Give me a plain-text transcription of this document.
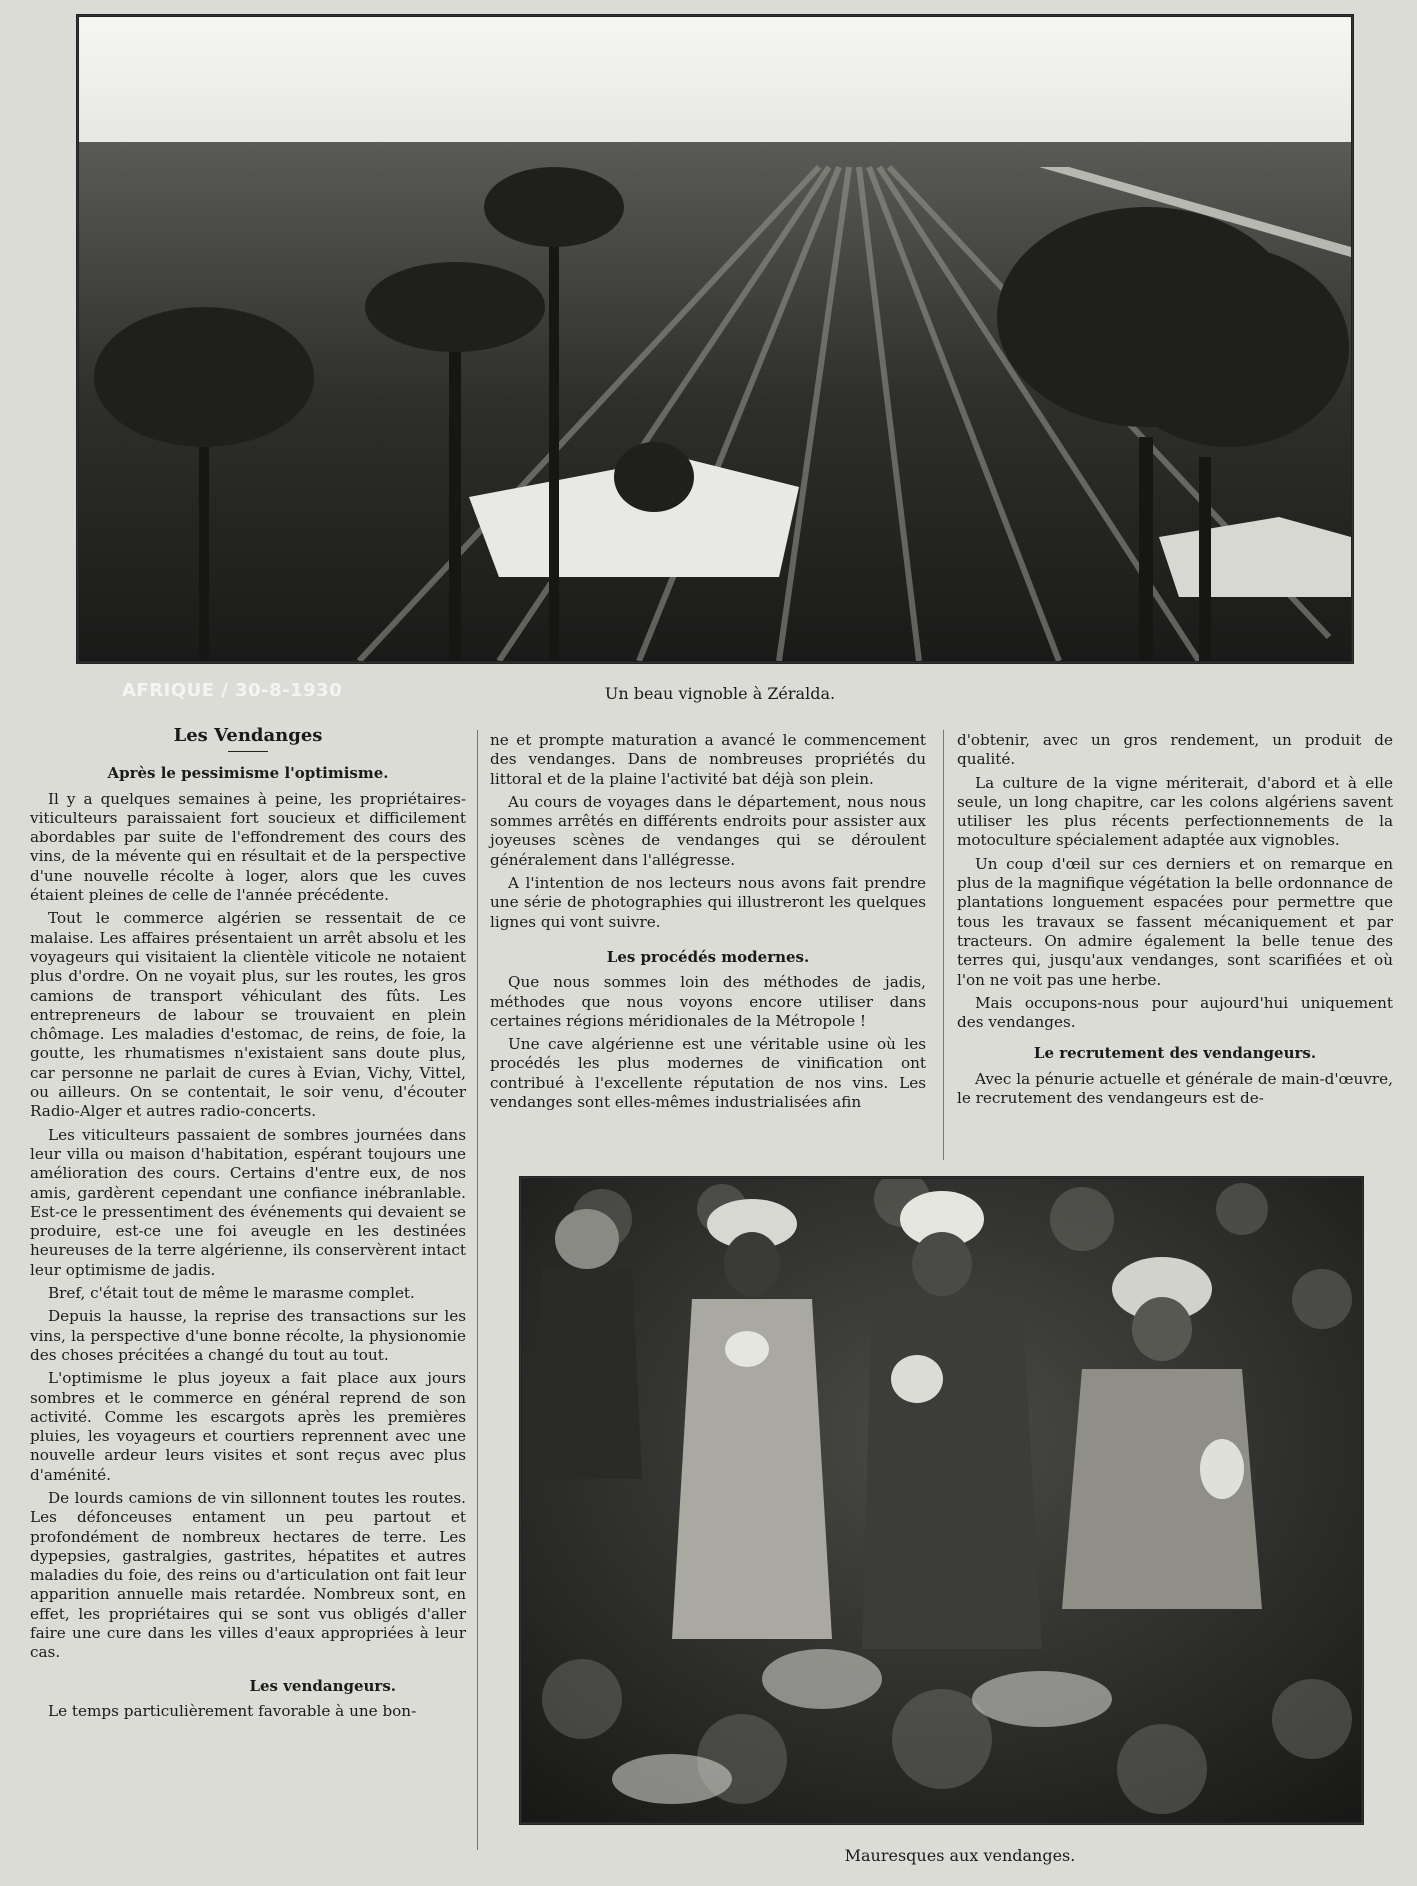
AFRIQUE / 30-8-1930	Un beau vignoble à Zéralda.
Les Vendanges
Après le pessimisme l'optimisme.

Il y a quelques semaines à peine, les propriétaires-viticulteurs paraissaient fort soucieux et difficilement abordables par suite de l'effondrement des cours des vins, de la mévente qui en résultait et de la perspective d'une nouvelle récolte à loger, alors que les cuves étaient pleines de celle de l'année précédente.

Tout le commerce algérien se ressentait de ce malaise. Les affaires présentaient un arrêt absolu et les voyageurs qui visitaient la clientèle viticole ne notaient plus d'ordre. On ne voyait plus, sur les routes, les gros camions de transport véhiculant des fûts. Les entrepreneurs de labour se trouvaient en plein chômage. Les maladies d'estomac, de reins, de foie, la goutte, les rhumatismes n'existaient sans doute plus, car personne ne parlait de cures à Evian, Vichy, Vittel, ou ailleurs. On se contentait, le soir venu, d'écouter Radio-Alger et autres radio-concerts.

Les viticulteurs passaient de sombres journées dans leur villa ou maison d'habitation, espérant toujours une amélioration des cours. Certains d'entre eux, de nos amis, gardèrent cependant une confiance inébranlable. Est-ce le pressentiment des événements qui devaient se produire, est-ce une foi aveugle en les destinées heureuses de la terre algérienne, ils conservèrent intact leur optimisme de jadis.

Bref, c'était tout de même le marasme complet.

Depuis la hausse, la reprise des transactions sur les vins, la perspective d'une bonne récolte, la physionomie des choses précitées a changé du tout au tout.

L'optimisme le plus joyeux a fait place aux jours sombres et le commerce en général reprend de son activité. Comme les escargots après les premières pluies, les voyageurs et courtiers reprennent avec une nouvelle ardeur leurs visites et sont reçus avec plus d'aménité.

De lourds camions de vin sillonnent toutes les routes. Les défonceuses entament un peu partout et profondément de nombreux hectares de terre. Les dypepsies, gastralgies, gastrites, hépatites et autres maladies du foie, des reins ou d'articulation ont fait leur apparition annuelle mais retardée. Nombreux sont, en effet, les propriétaires qui se sont vus obligés d'aller faire une cure dans les villes d'eaux appropriées à leur cas.

Les vendangeurs.

Le temps particulièrement favorable à une bon-

ne et prompte maturation a avancé le commencement des vendanges. Dans de nombreuses propriétés du littoral et de la plaine l'activité bat déjà son plein.

Au cours de voyages dans le département, nous nous sommes arrêtés en différents endroits pour assister aux joyeuses scènes de vendanges qui se déroulent généralement dans l'allégresse.

A l'intention de nos lecteurs nous avons fait prendre une série de photographies qui illustreront les quelques lignes qui vont suivre.

Les procédés modernes.

Que nous sommes loin des méthodes de jadis, méthodes que nous voyons encore utiliser dans certaines régions méridionales de la Métropole !

Une cave algérienne est une véritable usine où les procédés les plus modernes de vinification ont contribué à l'excellente réputation de nos vins. Les vendanges sont elles-mêmes industrialisées afin

d'obtenir, avec un gros rendement, un produit de qualité.

La culture de la vigne mériterait, d'abord et à elle seule, un long chapitre, car les colons algériens savent utiliser les plus récents perfectionnements de la motoculture spécialement adaptée aux vignobles.

Un coup d'œil sur ces derniers et on remarque en plus de la magnifique végétation la belle ordonnance de plantations longuement espacées pour permettre que tous les travaux se fassent mécaniquement et par tracteurs. On admire également la belle tenue des terres qui, jusqu'aux vendanges, sont scarifiées et où l'on ne voit pas une herbe.

Mais occupons-nous pour aujourd'hui uniquement des vendanges.

Le recrutement des vendangeurs.

Avec la pénurie actuelle et générale de main-d'œuvre, le recrutement des vendangeurs est de-

Mauresques aux vendanges.
